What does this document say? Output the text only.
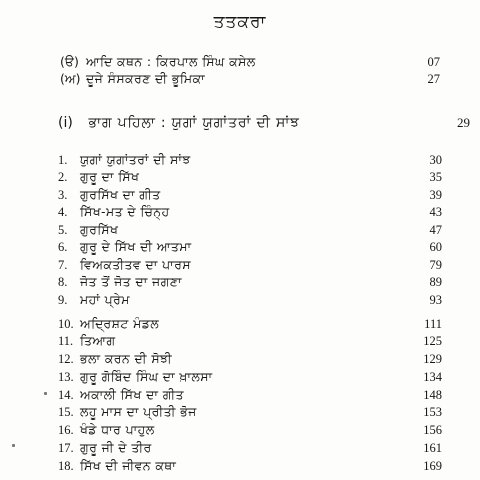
ਤਤਕਰਾ
(ੳ) ਆਦਿ ਕਥਨ : ਕਿਰਪਾਲ ਸਿੰਘ ਕਸੇਲ	07
(ਅ) ਦੂਜੇ ਸੰਸਕਰਣ ਦੀ ਭੂਮਿਕਾ	27
(i) ਭਾਗ ਪਹਿਲਾ : ਯੁਗਾਂ ਯੁਗਾਂਤਰਾਂ ਦੀ ਸਾਂਝ	29
1. ਯੁਗਾਂ ਯੁਗਾਂਤਰਾਂ ਦੀ ਸਾਂਝ	30
2. ਗੁਰੂ ਦਾ ਸਿੱਖ	35
3. ਗੁਰਸਿੱਖ ਦਾ ਗੀਤ	39
4. ਸਿੱਖ-ਮਤ ਦੇ ਚਿੰਨ੍ਹ	43
5. ਗੁਰਸਿੱਖ	47
6. ਗੁਰੂ ਦੇ ਸਿੱਖ ਦੀ ਆਤਮਾ	60
7. ਵਿਅਕਤੀਤਵ ਦਾ ਪਾਰਸ	79
8. ਜੋਤ ਤੋਂ ਜੋਤ ਦਾ ਜਗਣਾ	89
9. ਮਹਾਂ ਪ੍ਰੇਮ	93
10. ਅਦ੍ਰਿਸ਼ਟ ਮੰਡਲ	111
11. ਤਿਆਗ	125
12. ਭਲਾ ਕਰਨ ਦੀ ਸੋਝੀ	129
13. ਗੁਰੂ ਗੋਬਿੰਦ ਸਿੰਘ ਦਾ ਖ਼ਾਲਸਾ	134
14. ਅਕਾਲੀ ਸਿੱਖ ਦਾ ਗੀਤ	148
15. ਲਹੂ ਮਾਸ ਦਾ ਪ੍ਰੀਤੀ ਭੋਜ	153
16. ਖੰਡੇ ਧਾਰ ਪਾਹੁਲ	156
17. ਗੁਰੂ ਜੀ ਦੇ ਤੀਰ	161
18. ਸਿੱਖ ਦੀ ਜੀਵਨ ਕਥਾ	169
